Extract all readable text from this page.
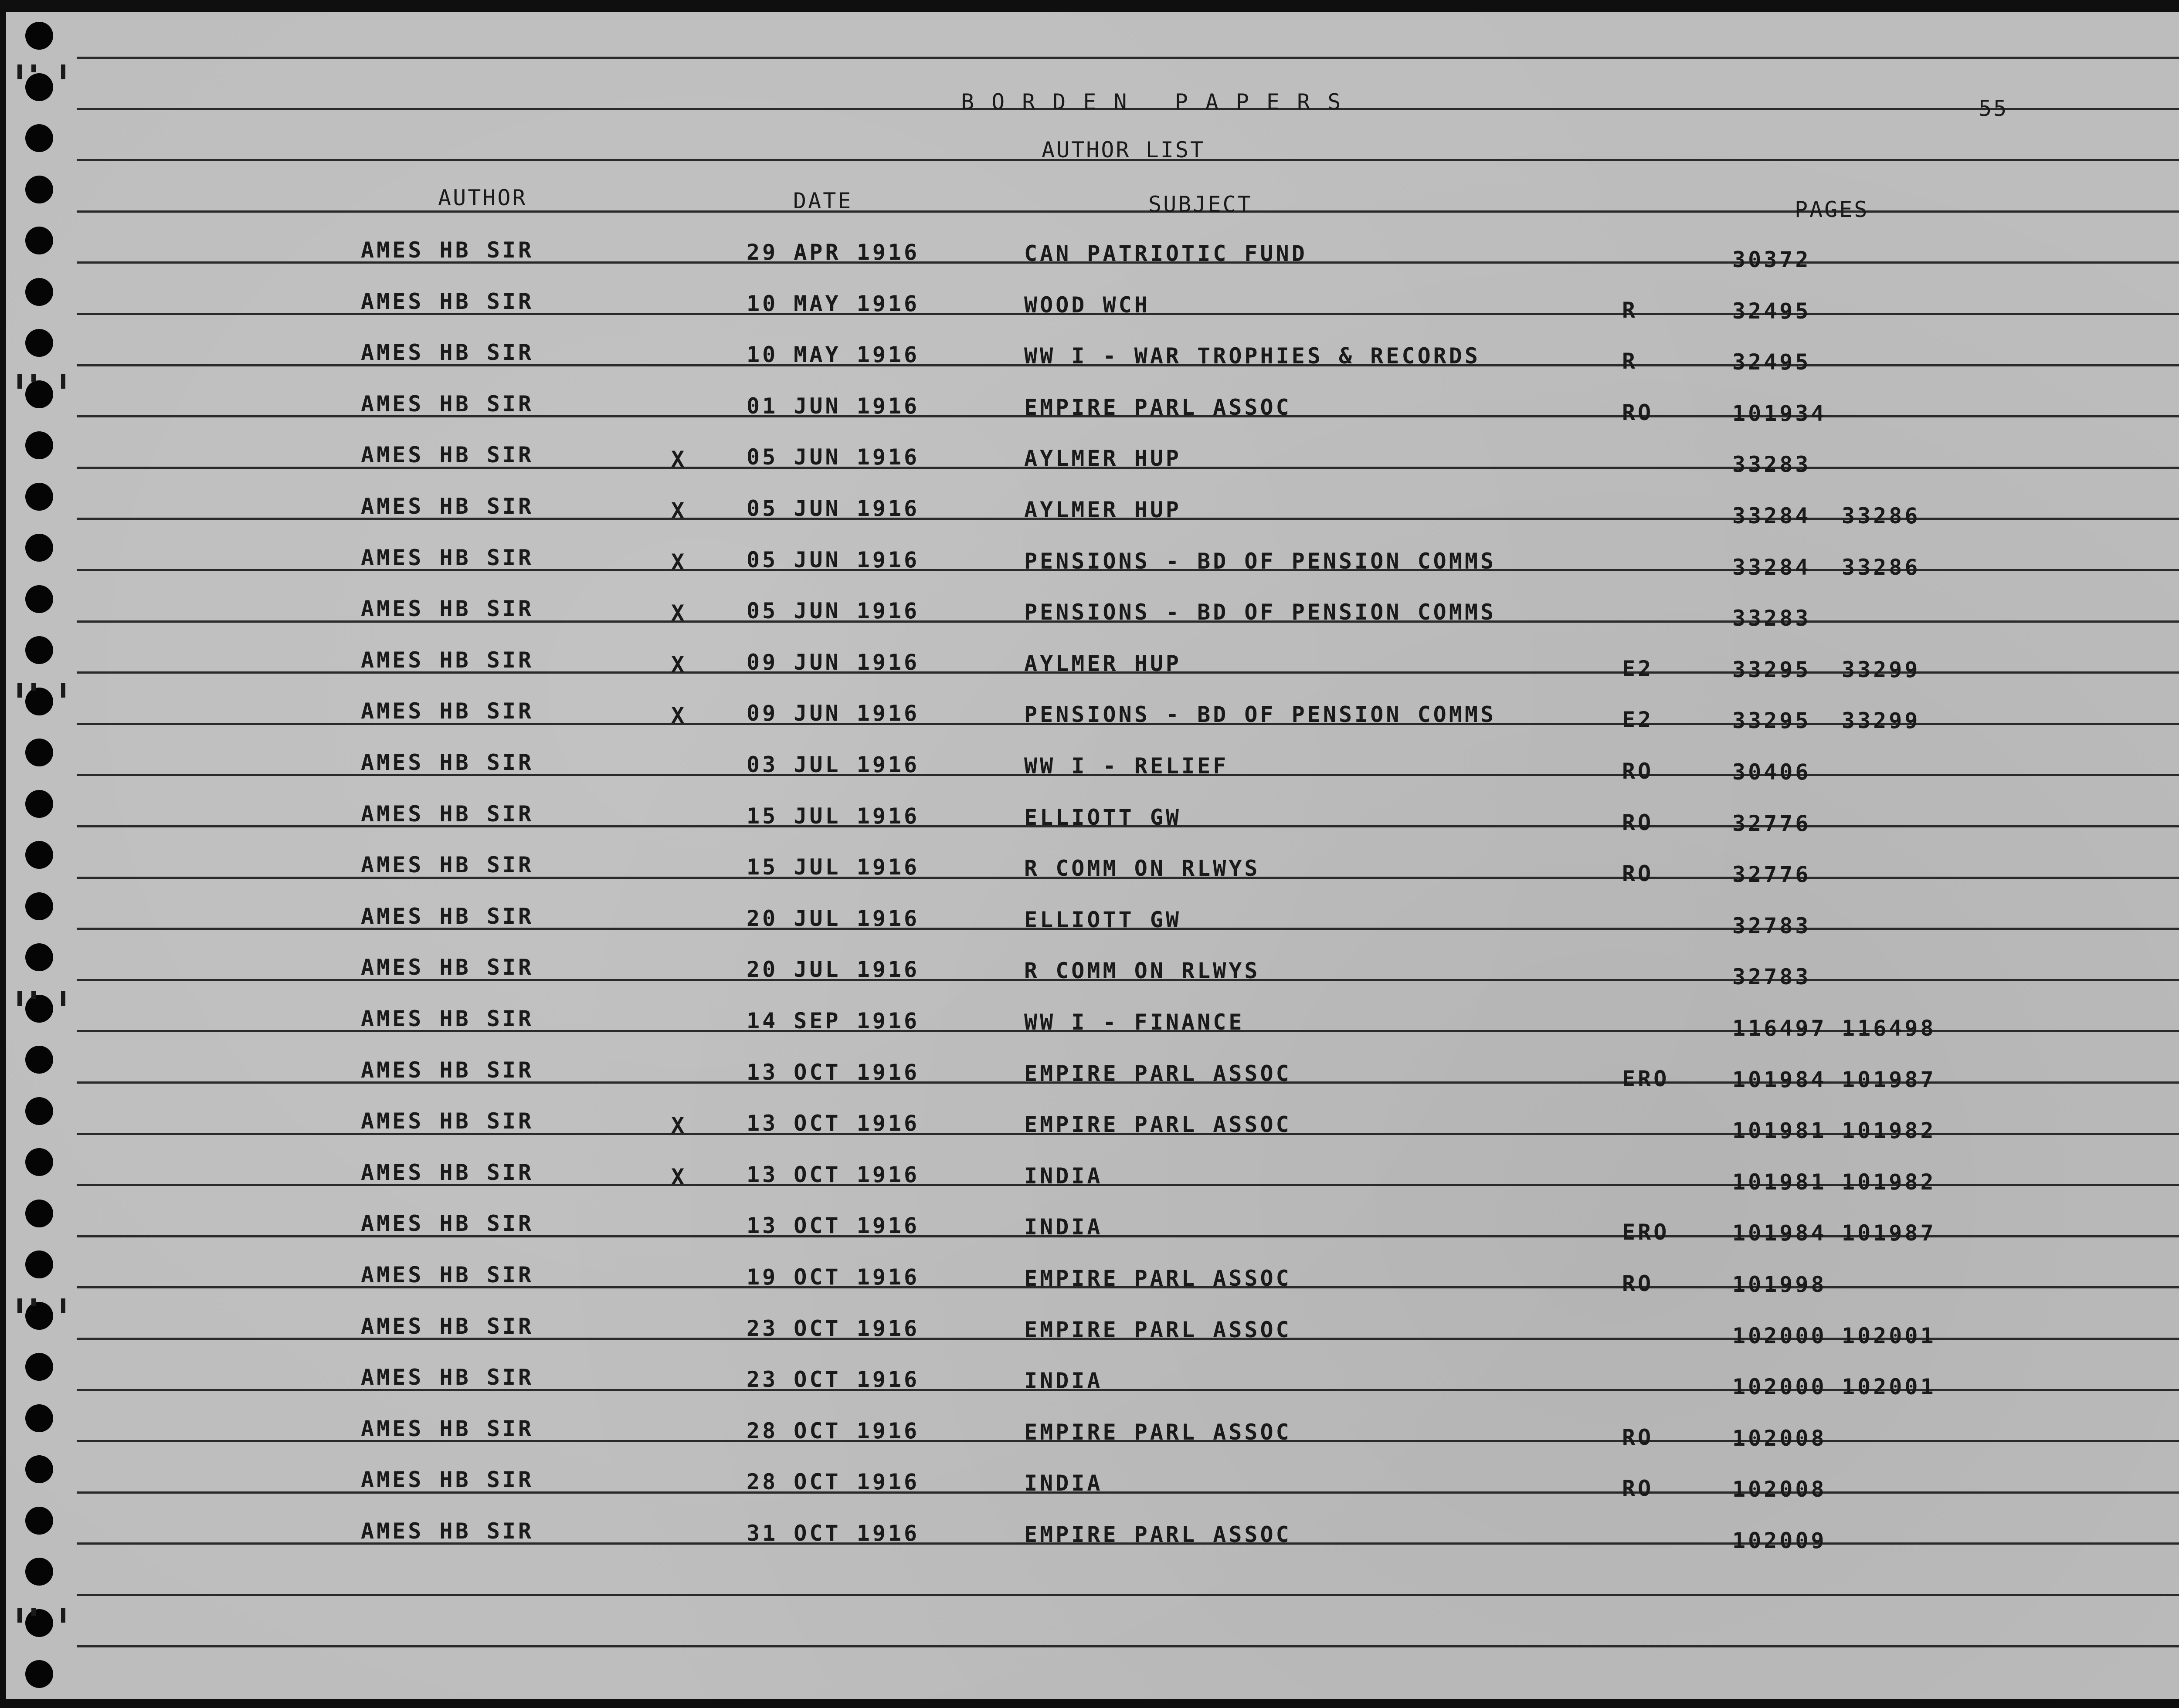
BORDEN PAPERS	55
AUTHOR LIST
AUTHOR	DATE	SUBJECT	PAGES
AMES HB SIR	29 APR 1916	CAN PATRIOTIC FUND	30372
AMES HB SIR	10 MAY 1916	WOOD WCH	R	32495
AMES HB SIR	10 MAY 1916	WW I - WAR TROPHIES & RECORDS	R	32495
AMES HB SIR	01 JUN 1916	EMPIRE PARL ASSOC	RO	101934
AMES HB SIR	X	05 JUN 1916	AYLMER HUP	33283
AMES HB SIR	X	05 JUN 1916	AYLMER HUP	33284 33286
AMES HB SIR	X	05 JUN 1916	PENSIONS - BD OF PENSION COMMS	33284 33286
AMES HB SIR	X	05 JUN 1916	PENSIONS - BD OF PENSION COMMS	33283
AMES HB SIR	X	09 JUN 1916	AYLMER HUP	E2	33295 33299
AMES HB SIR	X	09 JUN 1916	PENSIONS - BD OF PENSION COMMS	E2	33295 33299
AMES HB SIR	03 JUL 1916	WW I - RELIEF	RO	30406
AMES HB SIR	15 JUL 1916	ELLIOTT GW	RO	32776
AMES HB SIR	15 JUL 1916	R COMM ON RLWYS	RO	32776
AMES HB SIR	20 JUL 1916	ELLIOTT GW	32783
AMES HB SIR	20 JUL 1916	R COMM ON RLWYS	32783
AMES HB SIR	14 SEP 1916	WW I - FINANCE	116497 116498
AMES HB SIR	13 OCT 1916	EMPIRE PARL ASSOC	ERO	101984 101987
AMES HB SIR	X	13 OCT 1916	EMPIRE PARL ASSOC	101981 101982
AMES HB SIR	X	13 OCT 1916	INDIA	101981 101982
AMES HB SIR	13 OCT 1916	INDIA	ERO	101984 101987
AMES HB SIR	19 OCT 1916	EMPIRE PARL ASSOC	RO	101998
AMES HB SIR	23 OCT 1916	EMPIRE PARL ASSOC	102000 102001
AMES HB SIR	23 OCT 1916	INDIA	102000 102001
AMES HB SIR	28 OCT 1916	EMPIRE PARL ASSOC	RO	102008
AMES HB SIR	28 OCT 1916	INDIA	RO	102008
AMES HB SIR	31 OCT 1916	EMPIRE PARL ASSOC	102009
